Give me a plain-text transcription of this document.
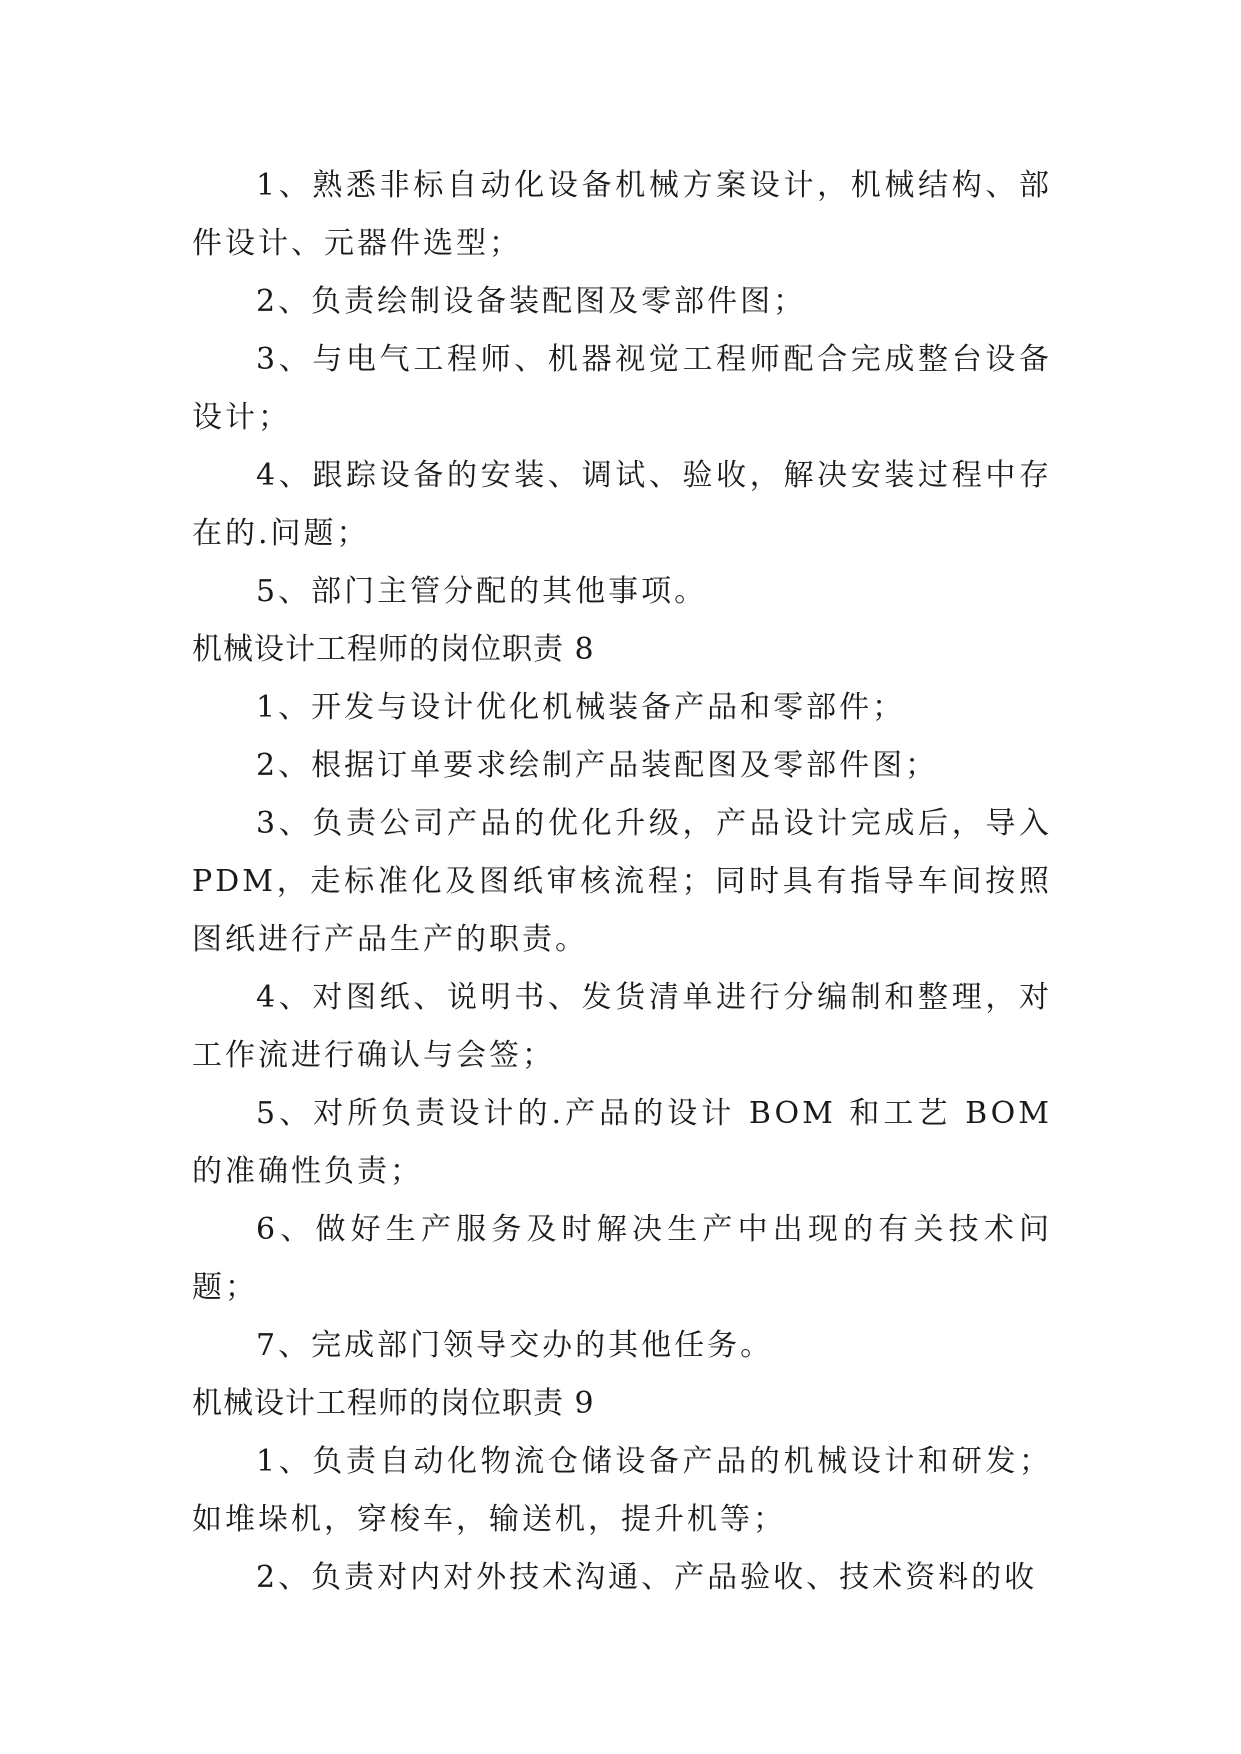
1、熟悉非标自动化设备机械方案设计，机械结构、部件设计、元器件选型；

2、负责绘制设备装配图及零部件图；

3、与电气工程师、机器视觉工程师配合完成整台设备设计；

4、跟踪设备的安装、调试、验收，解决安装过程中存在的.问题；

5、部门主管分配的其他事项。

机械设计工程师的岗位职责 8

1、开发与设计优化机械装备产品和零部件；

2、根据订单要求绘制产品装配图及零部件图；

3、负责公司产品的优化升级，产品设计完成后，导入PDM，走标准化及图纸审核流程；同时具有指导车间按照图纸进行产品生产的职责。

4、对图纸、说明书、发货清单进行分编制和整理，对工作流进行确认与会签；

5、对所负责设计的.产品的设计 BOM 和工艺 BOM 的准确性负责；

6、做好生产服务及时解决生产中出现的有关技术问题；

7、完成部门领导交办的其他任务。

机械设计工程师的岗位职责 9

1、负责自动化物流仓储设备产品的机械设计和研发；如堆垛机，穿梭车，输送机，提升机等；

2、负责对内对外技术沟通、产品验收、技术资料的收
